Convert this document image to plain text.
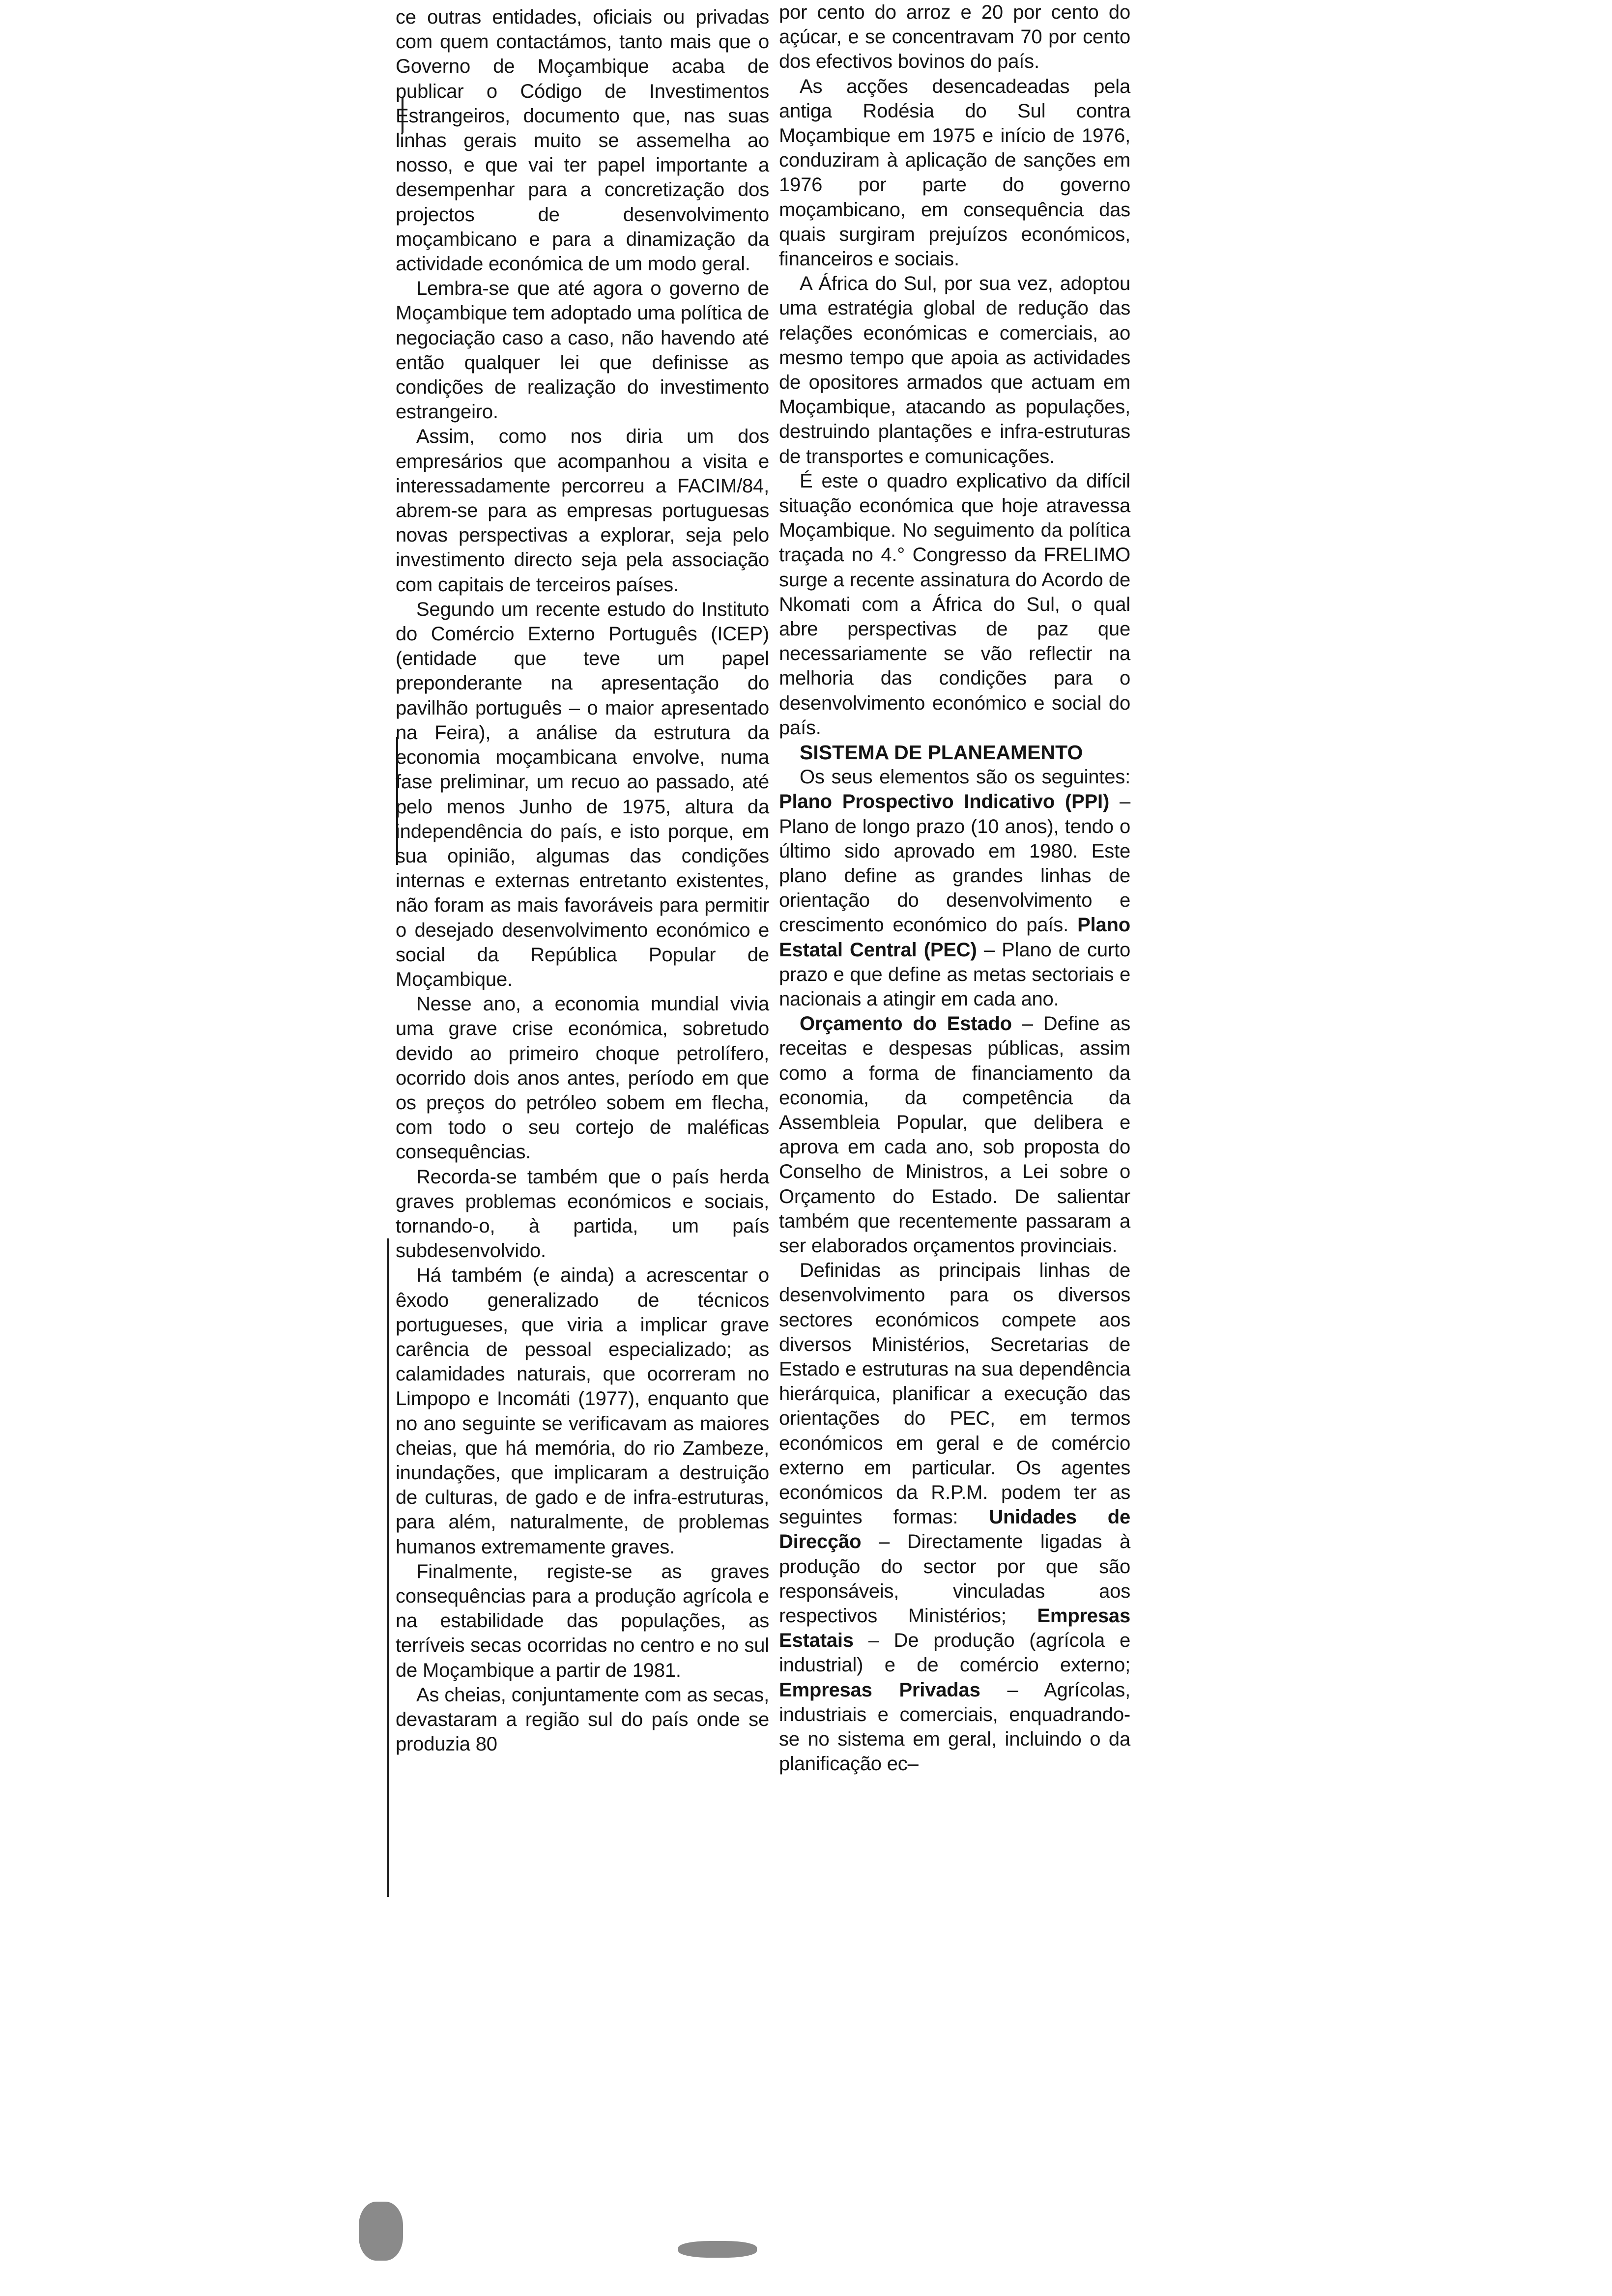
ce outras entidades, oficiais ou privadas com quem contactámos, tanto mais que o Governo de Moçambique acaba de publicar o Código de Investimentos Estrangeiros, documento que, nas suas linhas gerais muito se assemelha ao nosso, e que vai ter papel importante a desempenhar para a concretização dos projectos de desenvolvimento moçambicano e para a dinamização da actividade económica de um modo geral.

Lembra-se que até agora o governo de Moçambique tem adoptado uma política de negociação caso a caso, não havendo até então qualquer lei que definisse as condições de realização do investimento estrangeiro.

Assim, como nos diria um dos empresários que acompanhou a visita e interessadamente percorreu a FACIM/84, abrem-se para as empresas portuguesas novas perspectivas a explorar, seja pelo investimento directo seja pela associação com capitais de terceiros países.

Segundo um recente estudo do Instituto do Comércio Externo Português (ICEP) (entidade que teve um papel preponderante na apresentação do pavilhão português – o maior apresentado na Feira), a análise da estrutura da economia moçambicana envolve, numa fase preliminar, um recuo ao passado, até pelo menos Junho de 1975, altura da independência do país, e isto porque, em sua opinião, algumas das condições internas e externas entretanto existentes, não foram as mais favoráveis para permitir o desejado desenvolvimento económico e social da República Popular de Moçambique.

Nesse ano, a economia mundial vivia uma grave crise económica, sobretudo devido ao primeiro choque petrolífero, ocorrido dois anos antes, período em que os preços do petróleo sobem em flecha, com todo o seu cortejo de maléficas consequências.

Recorda-se também que o país herda graves problemas económicos e sociais, tornando-o, à partida, um país subdesenvolvido.

Há também (e ainda) a acrescentar o êxodo generalizado de técnicos portugueses, que viria a implicar grave carência de pessoal especializado; as calamidades naturais, que ocorreram no Limpopo e Incomáti (1977), enquanto que no ano seguinte se verificavam as maiores cheias, que há memória, do rio Zambeze, inundações, que implicaram a destruição de culturas, de gado e de infra-estruturas, para além, naturalmente, de problemas humanos extremamente graves.

Finalmente, registe-se as graves consequências para a produção agrícola e na estabilidade das populações, as terríveis secas ocorridas no centro e no sul de Moçambique a partir de 1981.

As cheias, conjuntamente com as secas, devastaram a região sul do país onde se produzia 80

por cento do arroz e 20 por cento do açúcar, e se concentravam 70 por cento dos efectivos bovinos do país.

As acções desencadeadas pela antiga Rodésia do Sul contra Moçambique em 1975 e início de 1976, conduziram à aplicação de sanções em 1976 por parte do governo moçambicano, em consequência das quais surgiram prejuízos económicos, financeiros e sociais.

A África do Sul, por sua vez, adoptou uma estratégia global de redução das relações económicas e comerciais, ao mesmo tempo que apoia as actividades de opositores armados que actuam em Moçambique, atacando as populações, destruindo plantações e infra-estruturas de transportes e comunicações.

É este o quadro explicativo da difícil situação económica que hoje atravessa Moçambique. No seguimento da política traçada no 4.° Congresso da FRELIMO surge a recente assinatura do Acordo de Nkomati com a África do Sul, o qual abre perspectivas de paz que necessariamente se vão reflectir na melhoria das condições para o desenvolvimento económico e social do país.

SISTEMA DE PLANEAMENTO

Os seus elementos são os seguintes: Plano Prospectivo Indicativo (PPI) – Plano de longo prazo (10 anos), tendo o último sido aprovado em 1980. Este plano define as grandes linhas de orientação do desenvolvimento e crescimento económico do país. Plano Estatal Central (PEC) – Plano de curto prazo e que define as metas sectoriais e nacionais a atingir em cada ano.

Orçamento do Estado – Define as receitas e despesas públicas, assim como a forma de financiamento da economia, da competência da Assembleia Popular, que delibera e aprova em cada ano, sob proposta do Conselho de Ministros, a Lei sobre o Orçamento do Estado. De salientar também que recentemente passaram a ser elaborados orçamentos provinciais.

Definidas as principais linhas de desenvolvimento para os diversos sectores económicos compete aos diversos Ministérios, Secretarias de Estado e estruturas na sua dependência hierárquica, planificar a execução das orientações do PEC, em termos económicos em geral e de comércio externo em particular. Os agentes económicos da R.P.M. podem ter as seguintes formas: Unidades de Direcção – Directamente ligadas à produção do sector por que são responsáveis, vinculadas aos respectivos Ministérios; Empresas Estatais – De produção (agrícola e industrial) e de comércio externo; Empresas Privadas – Agrícolas, industriais e comerciais, enquadrando-se no sistema em geral, incluindo o da planificação ec–
